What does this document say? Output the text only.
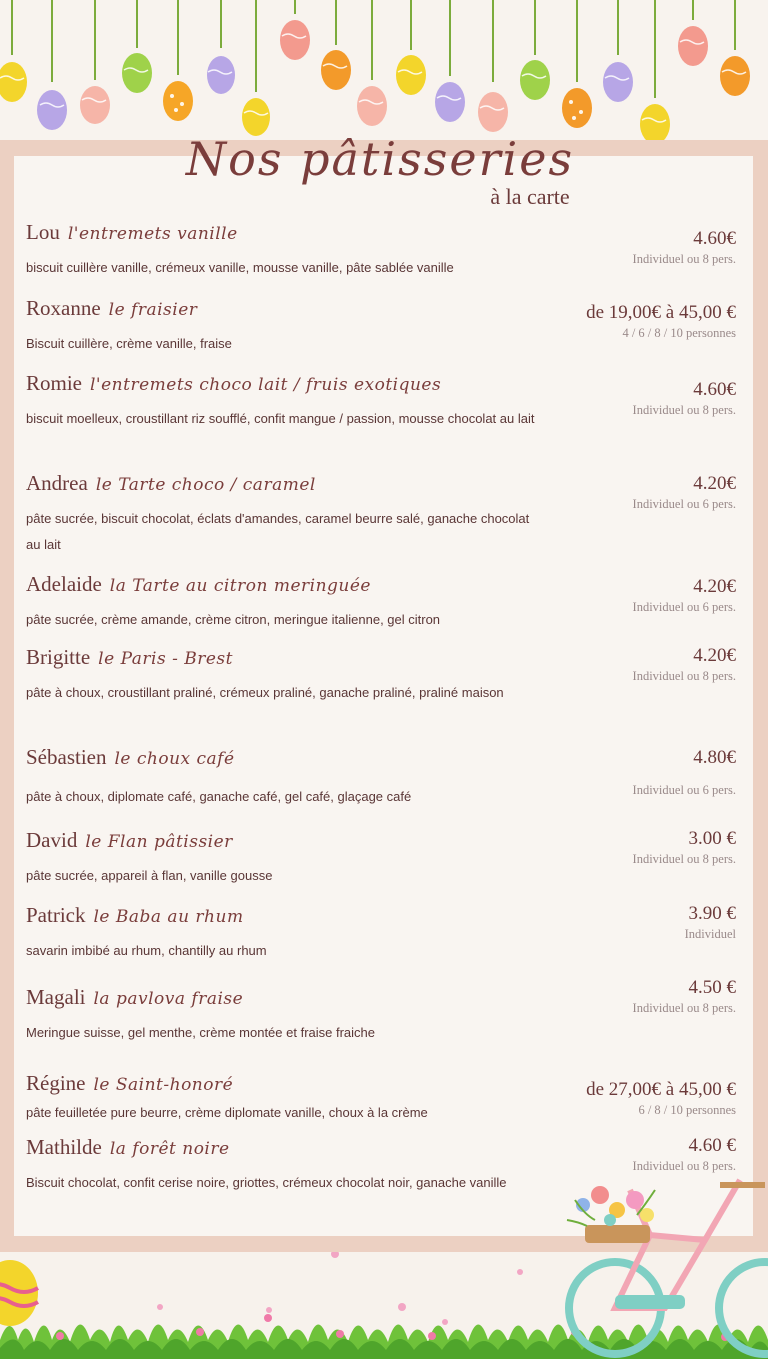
Nos pâtisseries
à la carte
Lou l'entremets vanille
biscuit cuillère vanille, crémeux vanille, mousse vanille, pâte sablée vanille
4.60€
Individuel ou 8 pers.
Roxanne le fraisier
Biscuit cuillère, crème vanille, fraise
de 19,00€ à 45,00 €
4 / 6 / 8 / 10 personnes
Romie l'entremets choco lait / fruis exotiques
biscuit moelleux, croustillant riz soufflé, confit mangue / passion, mousse chocolat au lait
4.60€
Individuel ou 8 pers.
Andrea le Tarte choco / caramel
pâte sucrée, biscuit chocolat, éclats d'amandes, caramel beurre salé, ganache chocolat au lait
4.20€
Individuel ou 6 pers.
Adelaide la Tarte au citron meringuée
pâte sucrée, crème amande, crème citron, meringue italienne, gel citron
4.20€
Individuel ou 6 pers.
Brigitte le Paris - Brest
pâte à choux, croustillant praliné, crémeux praliné, ganache praliné, praliné maison
4.20€
Individuel ou 8 pers.
Sébastien le choux café
pâte à choux, diplomate café, ganache café, gel café, glaçage café
4.80€
Individuel ou 6 pers.
David le Flan pâtissier
pâte sucrée, appareil à flan, vanille gousse
3.00 €
Individuel ou 8 pers.
Patrick le Baba au rhum
savarin imbibé au rhum, chantilly au rhum
3.90 €
Individuel
Magali la pavlova fraise
Meringue suisse, gel menthe, crème montée et fraise fraiche
4.50 €
Individuel ou 8 pers.
Régine le Saint-honoré
pâte feuilletée pure beurre, crème diplomate vanille, choux à la crème
de 27,00€ à 45,00 €
6 / 8 / 10 personnes
Mathilde la forêt noire
Biscuit chocolat, confit cerise noire, griottes, crémeux chocolat noir, ganache vanille
4.60 €
Individuel ou 8 pers.
